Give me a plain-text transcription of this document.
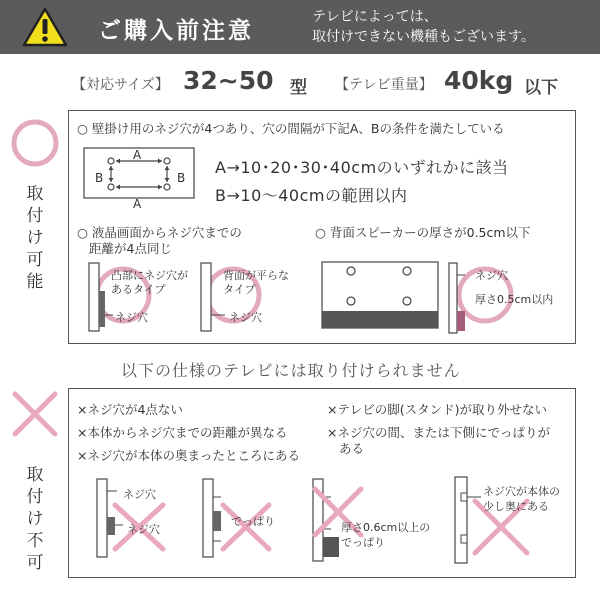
ご購入前注意
テレビによっては、
取付けできない機種もございます。
【対応サイズ】 32~50 型 【テレビ重量】 40kg 以下
取
付
け
可
能
○ 壁掛け用のネジ穴が4つあり、穴の間隔が下記A、Bの条件を満たしている
A
A
B	B
A→10･20･30･40cmのいずれかに該当
B→10～40cmの範囲以内
○ 液晶画面からネジ穴までの
距離が4点同じ
○ 背面スピーカーの厚さが0.5cm以下
凸部にネジ穴が
あるタイプ
ネジ穴
背面が平らな
タイプ
ネジ穴
ネジ穴
厚さ0.5cm以内
以下の仕様のテレビには取り付けられません
取
付
け
不
可
×ネジ穴が4点ない
×本体からネジ穴までの距離が異なる
×ネジ穴が本体の奥まったところにある
×テレビの脚(スタンド)が取り外せない
×ネジ穴の間、または下側にでっぱりが
ある
ネジ穴
ネジ穴
でっぱり	厚さ0.6cm以上の
でっぱり
ネジ穴が本体の
少し奥にある
